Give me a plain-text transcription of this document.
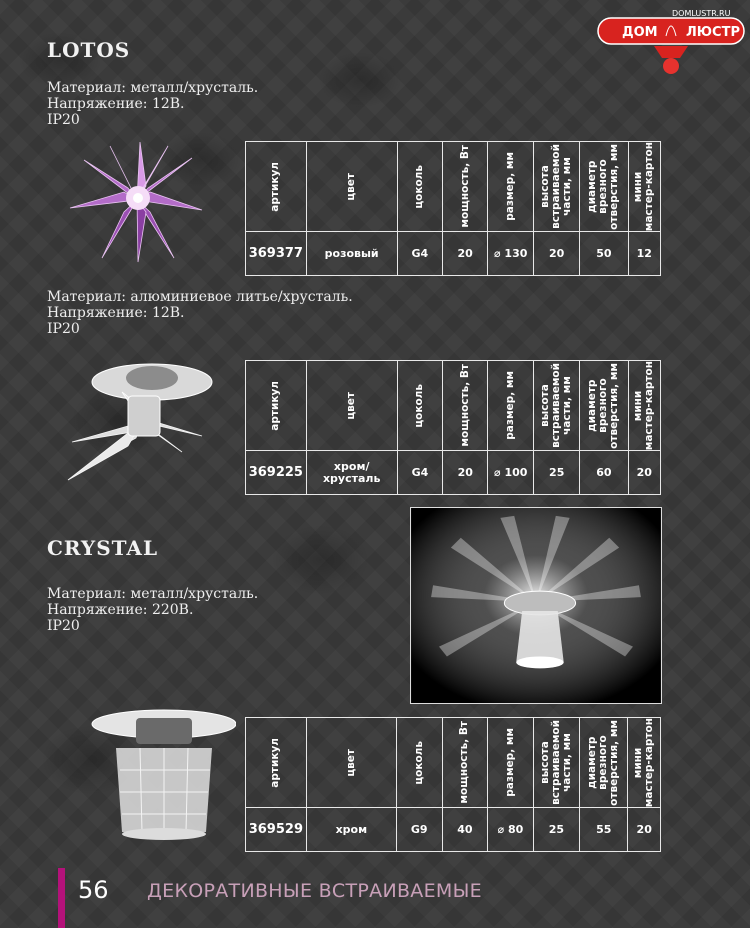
DOMLUSTR.RU
ДОМ ЛЮСТР
LOTOS
Материал: металл/хрусталь.
Напряжение: 12В.
IP20
артикул	цвет	цоколь	мощность, Вт	размер, мм	высота
встраиваемой
части, мм	диаметр
врезного
отверстия, мм	мини
мастер-картон

369377	розовый	G4	20	⌀ 130	20	50	12
Материал: алюминиевое литье/хрусталь.
Напряжение: 12В.
IP20
артикул	цвет	цоколь	мощность, Вт	размер, мм	высота
встраиваемой
части, мм	диаметр
врезного
отверстия, мм	мини
мастер-картон

369225	хром/
хрусталь	G4	20	⌀ 100	25	60	20
CRYSTAL
Материал: металл/хрусталь.
Напряжение: 220В.
IP20
артикул	цвет	цоколь	мощность, Вт	размер, мм	высота
встраиваемой
части, мм	диаметр
врезного
отверстия, мм	мини
мастер-картон

369529	хром	G9	40	⌀ 80	25	55	20
56 ДЕКОРАТИВНЫЕ ВСТРАИВАЕМЫЕ
